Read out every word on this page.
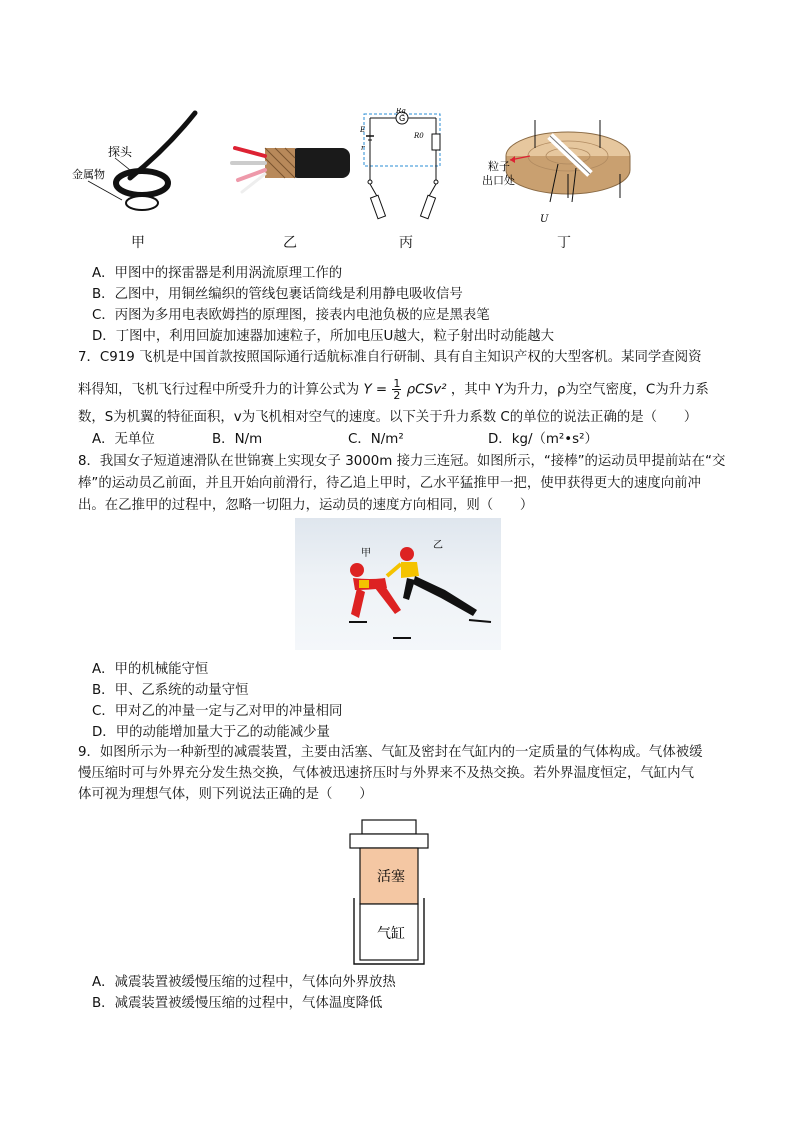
探头
金属物
甲	乙
G
Rg
E
r
R0
丙
粒子
出口处
U
丁
A．甲图中的探雷器是利用涡流原理工作的
B．乙图中，用铜丝编织的管线包裹话筒线是利用静电吸收信号
C．丙图为多用电表欧姆挡的原理图，接表内电池负极的应是黑表笔
D．丁图中，利用回旋加速器加速粒子，所加电压U越大，粒子射出时动能越大
7．C919 飞机是中国首款按照国际通行适航标准自行研制、具有自主知识产权的大型客机。某同学查阅资
料得知，飞机飞行过程中所受升力的计算公式为 $Y = \frac{1}{2} \rho CSv^2$ ，其中 Y为升力，ρ为空气密度，C为升力系
数，S为机翼的特征面积，v为飞机相对空气的速度。以下关于升力系数 C的单位的说法正确的是（　　）
A．无单位	B．N/m	C．N/m²	D．kg/（m²•s²）
8．我国女子短道速滑队在世锦赛上实现女子 3000m 接力三连冠。如图所示，“接棒”的运动员甲提前站在“交
棒”的运动员乙前面，并且开始向前滑行，待乙追上甲时，乙水平猛推甲一把，使甲获得更大的速度向前冲
出。在乙推甲的过程中，忽略一切阻力，运动员的速度方向相同，则（　　）
甲
乙
A．甲的机械能守恒
B．甲、乙系统的动量守恒
C．甲对乙的冲量一定与乙对甲的冲量相同
D．甲的动能增加量大于乙的动能减少量
9．如图所示为一种新型的减震装置，主要由活塞、气缸及密封在气缸内的一定质量的气体构成。气体被缓
慢压缩时可与外界充分发生热交换，气体被迅速挤压时与外界来不及热交换。若外界温度恒定，气缸内气
体可视为理想气体，则下列说法正确的是（　　）
活塞
气缸
A．减震装置被缓慢压缩的过程中，气体向外界放热
B．减震装置被缓慢压缩的过程中，气体温度降低
